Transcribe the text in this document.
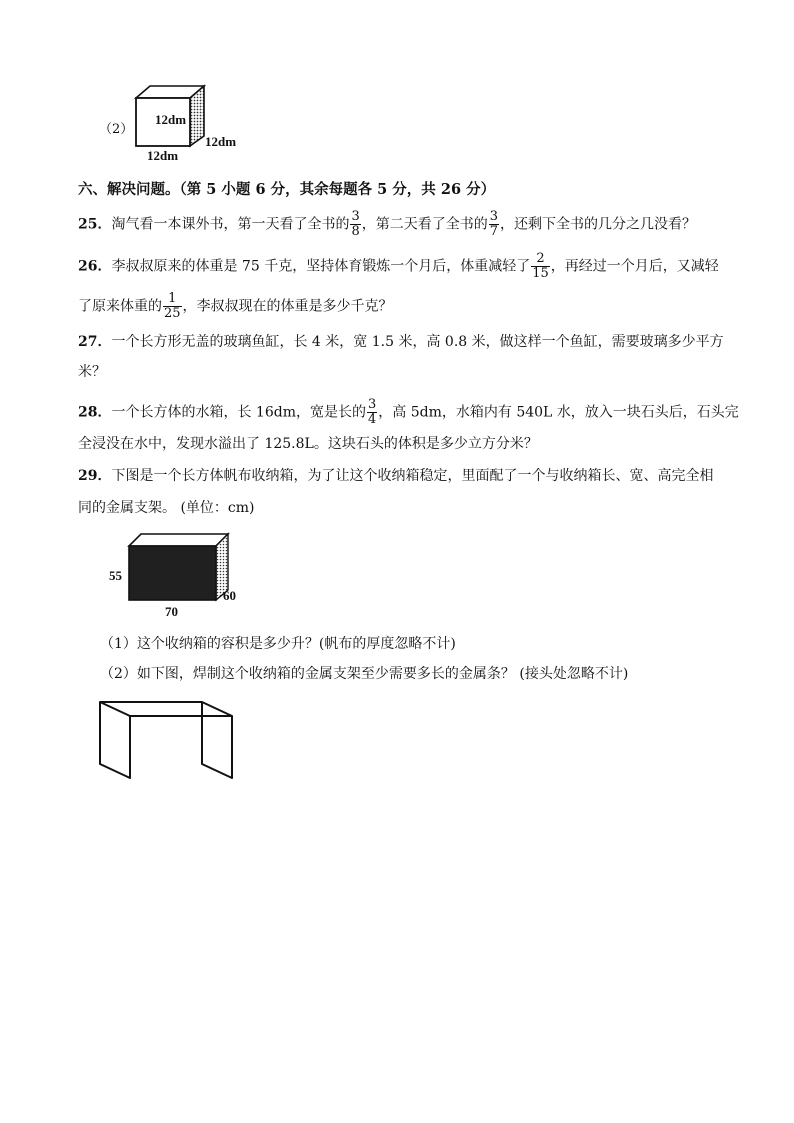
（2）
12dm
12dm
12dm
六、解决问题。（第 5 小题 6 分，其余每题各 5 分，共 26 分）
25．淘气看一本课外书，第一天看了全书的 $\frac{3}{8}$ ，第二天看了全书的 $\frac{3}{7}$ ，还剩下全书的几分之几没看？
26．李叔叔原来的体重是 75 千克，坚持体育锻炼一个月后，体重减轻了 $\frac{2}{15}$ ，再经过一个月后，又减轻
了原来体重的 $\frac{1}{25}$ ，李叔叔现在的体重是多少千克？
27．一个长方形无盖的玻璃鱼缸，长 4 米，宽 1.5 米，高 0.8 米，做这样一个鱼缸，需要玻璃多少平方
米？
28．一个长方体的水箱，长 16dm，宽是长的 $\frac{3}{4}$ ，高 5dm，水箱内有 540L 水，放入一块石头后，石头完
全浸没在水中，发现水溢出了 125.8L。这块石头的体积是多少立方分米？
29．下图是一个长方体帆布收纳箱，为了让这个收纳箱稳定，里面配了一个与收纳箱长、宽、高完全相
同的金属支架。 (单位：cm)
55
70
60
（1）这个收纳箱的容积是多少升？(帆布的厚度忽略不计)
（2）如下图，焊制这个收纳箱的金属支架至少需要多长的金属条？ (接头处忽略不计)
